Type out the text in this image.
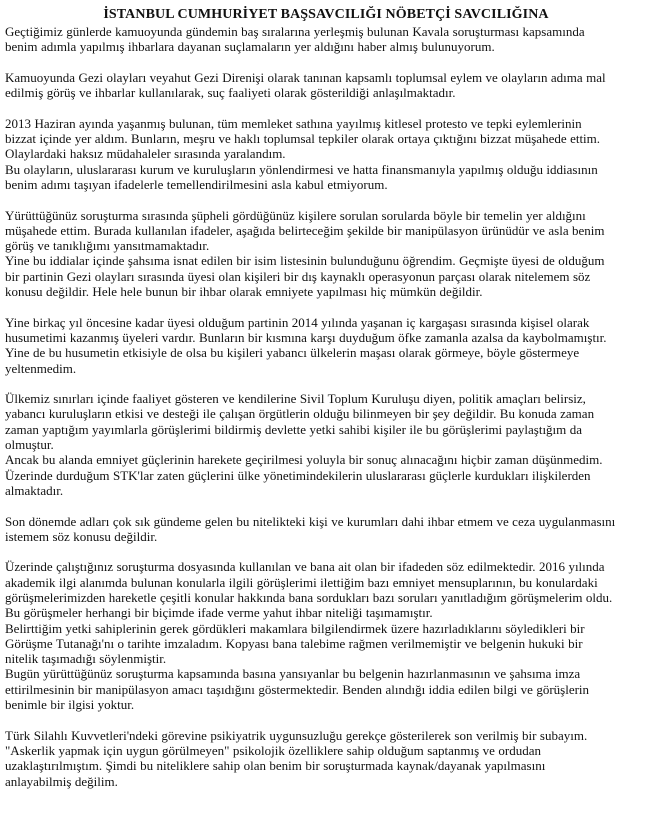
İSTANBUL CUMHURİYET BAŞSAVCILIĞI NÖBETÇİ SAVCILIĞINA
Geçtiğimiz günlerde kamuoyunda gündemin baş sıralarına yerleşmiş bulunan Kavala soruşturması kapsamında
benim adımla yapılmış ihbarlara dayanan suçlamaların yer aldığını haber almış bulunuyorum.
Kamuoyunda Gezi olayları veyahut Gezi Direnişi olarak tanınan kapsamlı toplumsal eylem ve olayların adıma mal
edilmiş görüş ve ihbarlar kullanılarak, suç faaliyeti olarak gösterildiği anlaşılmaktadır.
2013 Haziran ayında yaşanmış bulunan, tüm memleket sathına yayılmış kitlesel protesto ve tepki eylemlerinin
bizzat içinde yer aldım. Bunların, meşru ve haklı toplumsal tepkiler olarak ortaya çıktığını bizzat müşahede ettim.
Olaylardaki haksız müdahaleler sırasında yaralandım.
Bu olayların, uluslararası kurum ve kuruluşların yönlendirmesi ve hatta finansmanıyla yapılmış olduğu iddiasının
benim adımı taşıyan ifadelerle temellendirilmesini asla kabul etmiyorum.
Yürüttüğünüz soruşturma sırasında şüpheli gördüğünüz kişilere sorulan sorularda böyle bir temelin yer aldığını
müşahede ettim. Burada kullanılan ifadeler, aşağıda belirteceğim şekilde bir manipülasyon ürünüdür ve asla benim
görüş ve tanıklığımı yansıtmamaktadır.
Yine bu iddialar içinde şahsıma isnat edilen bir isim listesinin bulunduğunu öğrendim. Geçmişte üyesi de olduğum
bir partinin Gezi olayları sırasında üyesi olan kişileri bir dış kaynaklı operasyonun parçası olarak nitelemem söz
konusu değildir. Hele hele bunun bir ihbar olarak emniyete yapılması hiç mümkün değildir.
Yine birkaç yıl öncesine kadar üyesi olduğum partinin 2014 yılında yaşanan iç kargaşası sırasında kişisel olarak
husumetimi kazanmış üyeleri vardır. Bunların bir kısmına karşı duyduğum öfke zamanla azalsa da kaybolmamıştır.
Yine de bu husumetin etkisiyle de olsa bu kişileri yabancı ülkelerin maşası olarak görmeye, böyle göstermeye
yeltenmedim.
Ülkemiz sınırları içinde faaliyet gösteren ve kendilerine Sivil Toplum Kuruluşu diyen, politik amaçları belirsiz,
yabancı kuruluşların etkisi ve desteği ile çalışan örgütlerin olduğu bilinmeyen bir şey değildir. Bu konuda zaman
zaman yaptığım yayımlarla görüşlerimi bildirmiş devlette yetki sahibi kişiler ile bu görüşlerimi paylaştığım da
olmuştur.
Ancak bu alanda emniyet güçlerinin harekete geçirilmesi yoluyla bir sonuç alınacağını hiçbir zaman düşünmedim.
Üzerinde durduğum STK'lar zaten güçlerini ülke yönetimindekilerin uluslararası güçlerle kurdukları ilişkilerden
almaktadır.
Son dönemde adları çok sık gündeme gelen bu nitelikteki kişi ve kurumları dahi ihbar etmem ve ceza uygulanmasını
istemem söz konusu değildir.
Üzerinde çalıştığınız soruşturma dosyasında kullanılan ve bana ait olan bir ifadeden söz edilmektedir. 2016 yılında
akademik ilgi alanımda bulunan konularla ilgili görüşlerimi ilettiğim bazı emniyet mensuplarının, bu konulardaki
görüşmelerimizden hareketle çeşitli konular hakkında bana sordukları bazı soruları yanıtladığım görüşmelerim oldu.
Bu görüşmeler herhangi bir biçimde ifade verme yahut ihbar niteliği taşımamıştır.
Belirttiğim yetki sahiplerinin gerek gördükleri makamlara bilgilendirmek üzere hazırladıklarını söyledikleri bir
Görüşme Tutanağı'nı o tarihte imzaladım. Kopyası bana talebime rağmen verilmemiştir ve belgenin hukuki bir
nitelik taşımadığı söylenmiştir.
Bugün yürüttüğünüz soruşturma kapsamında basına yansıyanlar bu belgenin hazırlanmasının ve şahsıma imza
ettirilmesinin bir manipülasyon amacı taşıdığını göstermektedir. Benden alındığı iddia edilen bilgi ve görüşlerin
benimle bir ilgisi yoktur.
Türk Silahlı Kuvvetleri'ndeki görevine psikiyatrik uygunsuzluğu gerekçe gösterilerek son verilmiş bir subayım.
"Askerlik yapmak için uygun görülmeyen" psikolojik özelliklere sahip olduğum saptanmış ve ordudan
uzaklaştırılmıştım. Şimdi bu niteliklere sahip olan benim bir soruşturmada kaynak/dayanak yapılmasını
anlayabilmiş değilim.
